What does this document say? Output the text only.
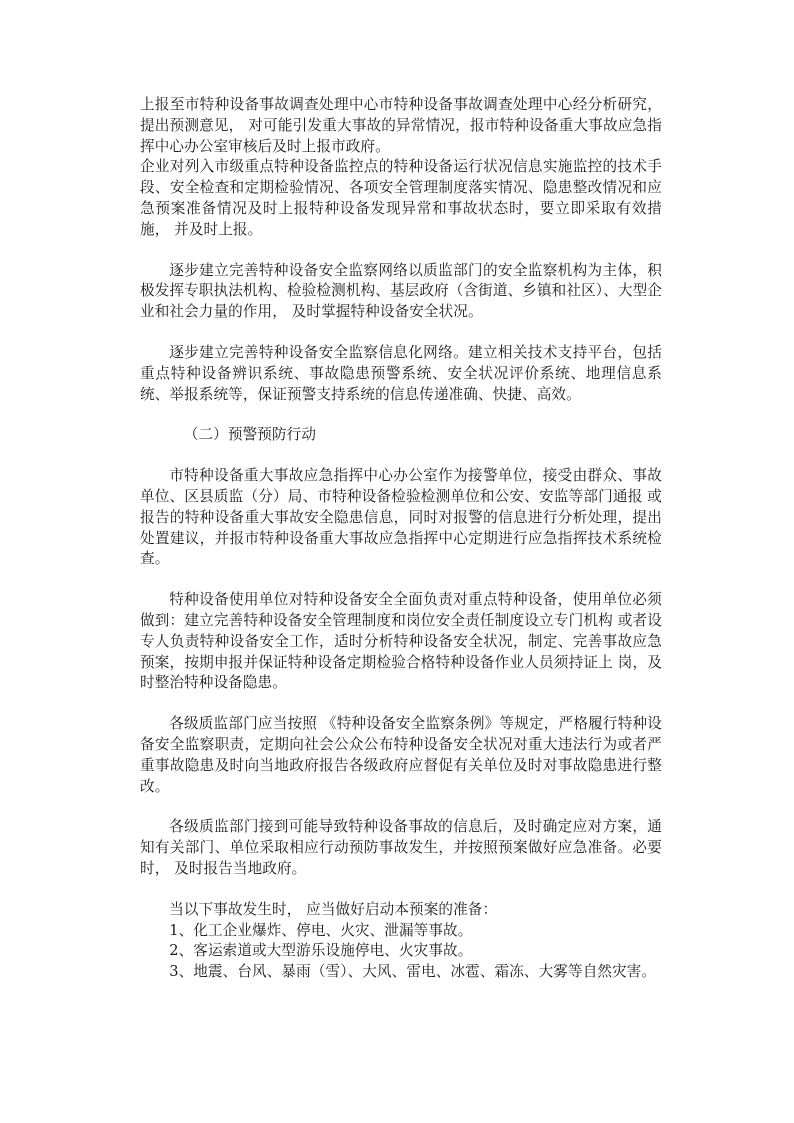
上报至市特种设备事故调查处理中心市特种设备事故调查处理中心经分析研究，提出预测意见， 对可能引发重大事故的异常情况，报市特种设备重大事故应急指挥中心办公室审核后及时上报市政府。

企业对列入市级重点特种设备监控点的特种设备运行状况信息实施监控的技术手段、安全检查和定期检验情况、各项安全管理制度落实情况、隐患整改情况和应急预案准备情况及时上报特种设备发现异常和事故状态时，要立即采取有效措施， 并及时上报。

逐步建立完善特种设备安全监察网络以质监部门的安全监察机构为主体，积极发挥专职执法机构、检验检测机构、基层政府（含街道、乡镇和社区）、大型企业和社会力量的作用， 及时掌握特种设备安全状况。

逐步建立完善特种设备安全监察信息化网络。建立相关技术支持平台，包括重点特种设备辨识系统、事故隐患预警系统、安全状况评价系统、地理信息系统、举报系统等，保证预警支持系统的信息传递准确、快捷、高效。

（二）预警预防行动

市特种设备重大事故应急指挥中心办公室作为接警单位，接受由群众、事故单位、区县质监（分）局、市特种设备检验检测单位和公安、安监等部门通报 或报告的特种设备重大事故安全隐患信息，同时对报警的信息进行分析处理，提出处置建议，并报市特种设备重大事故应急指挥中心定期进行应急指挥技术系统检 查。

特种设备使用单位对特种设备安全全面负责对重点特种设备，使用单位必须做到：建立完善特种设备安全管理制度和岗位安全责任制度设立专门机构 或者设专人负责特种设备安全工作，适时分析特种设备安全状况，制定、完善事故应急预案，按期申报并保证特种设备定期检验合格特种设备作业人员须持证上 岗，及时整治特种设备隐患。

各级质监部门应当按照 《特种设备安全监察条例》等规定，严格履行特种设备安全监察职责，定期向社会公众公布特种设备安全状况对重大违法行为或者严重事故隐患及时向当地政府报告各级政府应督促有关单位及时对事故隐患进行整改。

各级质监部门接到可能导致特种设备事故的信息后，及时确定应对方案，通知有关部门、单位采取相应行动预防事故发生，并按照预案做好应急准备。必要时， 及时报告当地政府。

当以下事故发生时， 应当做好启动本预案的准备：

1、化工企业爆炸、停电、火灾、泄漏等事故。

2、客运索道或大型游乐设施停电、火灾事故。

3、地震、台风、暴雨（雪）、大风、雷电、冰雹、霜冻、大雾等自然灾害。
